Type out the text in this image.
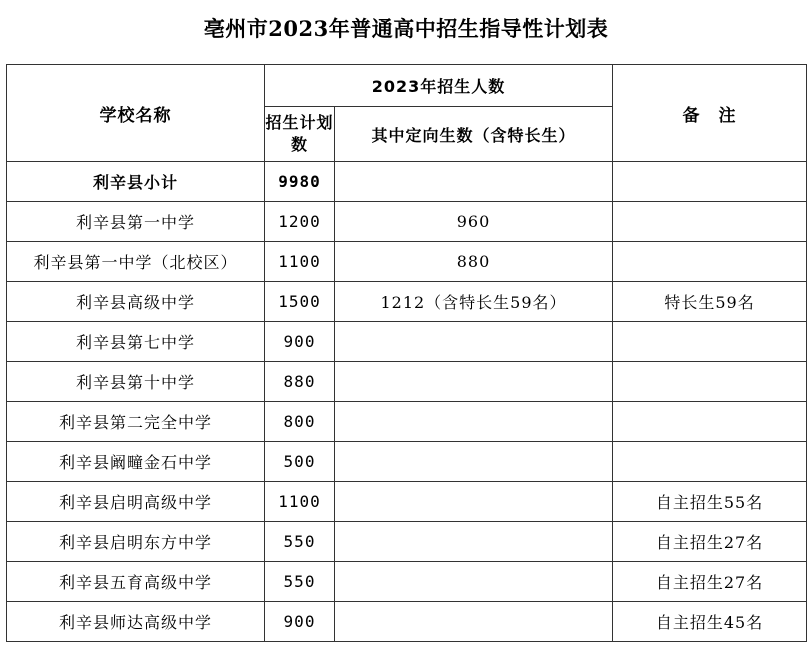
亳州市2023年普通高中招生指导性计划表
学校名称	2023年招生人数		备　注
	招生计划数	其中定向生数（含特长生）	
利辛县小计	9980		
利辛县第一中学	1200	960	
利辛县第一中学（北校区）	1100	880	
利辛县高级中学	1500	1212（含特长生59名）	特长生59名
利辛县第七中学	900		
利辛县第十中学	880		
利辛县第二完全中学	800		
利辛县阚疃金石中学	500		
利辛县启明高级中学	1100		自主招生55名
利辛县启明东方中学	550		自主招生27名
利辛县五育高级中学	550		自主招生27名
利辛县师达高级中学	900		自主招生45名
